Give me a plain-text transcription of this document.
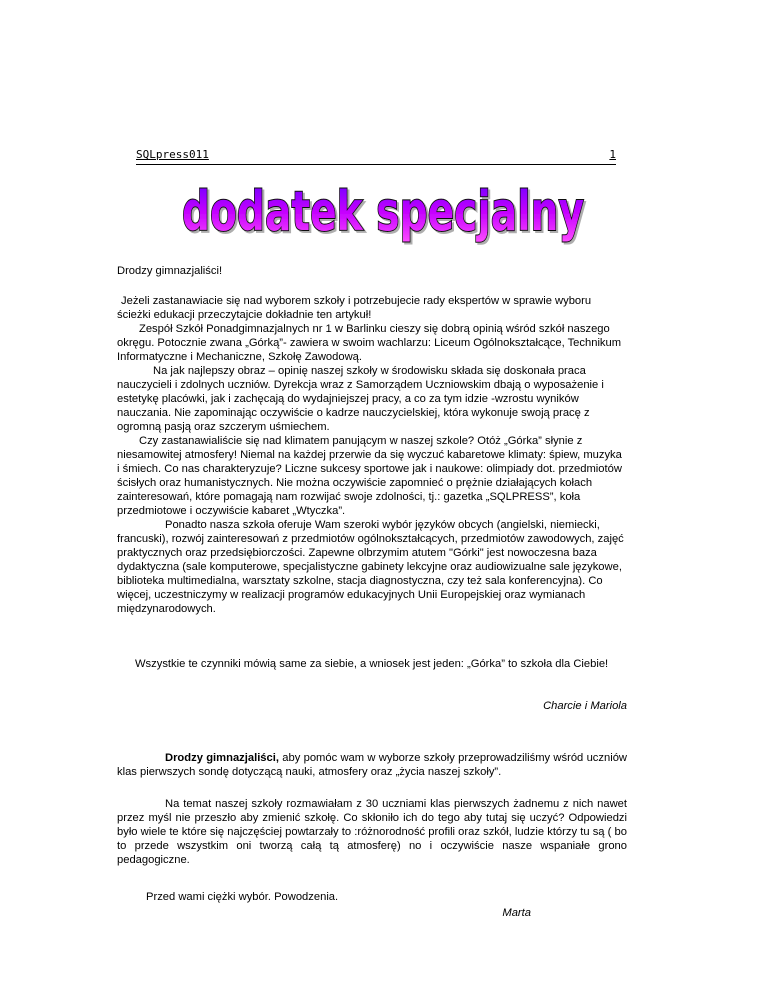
SQLpress011	1
dodatek specjalny

Drodzy gimnazjaliści!

Jeżeli zastanawiacie się nad wyborem szkoły i potrzebujecie rady ekspertów w sprawie wyboru ścieżki edukacji przeczytajcie dokładnie ten artykuł!

Zespół Szkół Ponadgimnazjalnych nr 1 w Barlinku cieszy się dobrą opinią wśród szkół naszego okręgu. Potocznie zwana „Górką”- zawiera w swoim wachlarzu: Liceum Ogólnokształcące, Technikum Informatyczne i Mechaniczne, Szkołę Zawodową.

Na jak najlepszy obraz – opinię naszej szkoły w środowisku składa się doskonała praca nauczycieli i zdolnych uczniów. Dyrekcja wraz z Samorządem Uczniowskim dbają o wyposażenie i estetykę placówki, jak i zachęcają do wydajniejszej pracy, a co za tym idzie -wzrostu wyników nauczania. Nie zapominając oczywiście o kadrze nauczycielskiej, która wykonuje swoją pracę z ogromną pasją oraz szczerym uśmiechem.

Czy zastanawialiście się nad klimatem panującym w naszej szkole? Otóż „Górka” słynie z niesamowitej atmosfery! Niemal na każdej przerwie da się wyczuć kabaretowe klimaty: śpiew, muzyka i śmiech. Co nas charakteryzuje? Liczne sukcesy sportowe jak i naukowe: olimpiady dot. przedmiotów ścisłych oraz humanistycznych. Nie można oczywiście zapomnieć o prężnie działających kołach zainteresowań, które pomagają nam rozwijać swoje zdolności, tj.: gazetka „SQLPRESS”, koła przedmiotowe i oczywiście kabaret „Wtyczka”.

Ponadto nasza szkoła oferuje Wam szeroki wybór języków obcych (angielski, niemiecki, francuski), rozwój zainteresowań z przedmiotów ogólnokształcących, przedmiotów zawodowych, zajęć praktycznych oraz przedsiębiorczości. Zapewne olbrzymim atutem "Górki" jest nowoczesna baza dydaktyczna (sale komputerowe, specjalistyczne gabinety lekcyjne oraz audiowizualne sale językowe, biblioteka multimedialna, warsztaty szkolne, stacja diagnostyczna, czy też sala konferencyjna). Co więcej, uczestniczymy w realizacji programów edukacyjnych Unii Europejskiej oraz wymianach międzynarodowych.

Wszystkie te czynniki mówią same za siebie, a wniosek jest jeden: „Górka” to szkoła dla Ciebie!

Charcie i Mariola

Drodzy gimnazjaliści, aby pomóc wam w wyborze szkoły przeprowadziliśmy wśród uczniów klas pierwszych sondę dotyczącą nauki, atmosfery oraz „życia naszej szkoły”.

Na temat naszej szkoły rozmawiałam z 30 uczniami klas pierwszych żadnemu z nich nawet przez myśl nie przeszło aby zmienić szkołę. Co skłoniło ich do tego aby tutaj się uczyć? Odpowiedzi było wiele te które się najczęściej powtarzały to :różnorodność profili oraz szkół, ludzie którzy tu są ( bo to przede wszystkim oni tworzą całą tą atmosferę) no i oczywiście nasze wspaniałe grono pedagogiczne.

Przed wami ciężki wybór. Powodzenia.

Marta
